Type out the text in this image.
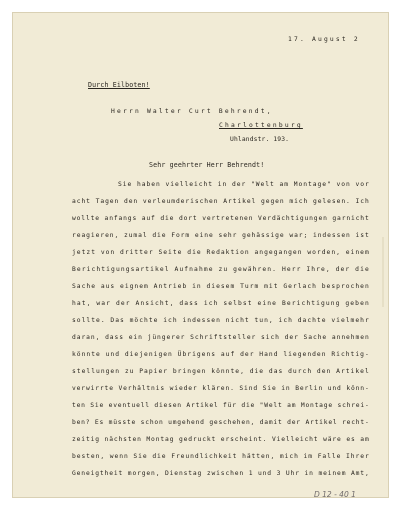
17. August 2
Durch Eilboten!
Herrn Walter Curt Behrendt,
Charlottenburg
Uhlandstr. 193.
Sehr geehrter Herr Behrendt!
Sie haben vielleicht in der "Welt am Montage" von vor
acht Tagen den verleumderischen Artikel gegen mich gelesen. Ich
wollte anfangs auf die dort vertretenen Verdächtigungen garnicht
reagieren, zumal die Form eine sehr gehässige war; indessen ist
jetzt von dritter Seite die Redaktion angegangen worden, einem
Berichtigungsartikel Aufnahme zu gewähren. Herr Ihre, der die
Sache aus eignem Antrieb in diesem Turm mit Gerlach besprochen
hat, war der Ansicht, dass ich selbst eine Berichtigung geben
sollte. Das möchte ich indessen nicht tun, ich dachte vielmehr
daran, dass ein jüngerer Schriftsteller sich der Sache annehmen
könnte und diejenigen Übrigens auf der Hand liegenden Richtig-
stellungen zu Papier bringen könnte, die das durch den Artikel
verwirrte Verhältnis wieder klären. Sind Sie in Berlin und könn-
ten Sie eventuell diesen Artikel für die "Welt am Montage schrei-
ben? Es müsste schon umgehend geschehen, damit der Artikel recht-
zeitig nächsten Montag gedruckt erscheint. Vielleicht wäre es am
besten, wenn Sie die Freundlichkeit hätten, mich im Falle Ihrer
Geneigtheit morgen, Dienstag zwischen 1 und 3 Uhr in meinem Amt,
D 12 - 40 1
